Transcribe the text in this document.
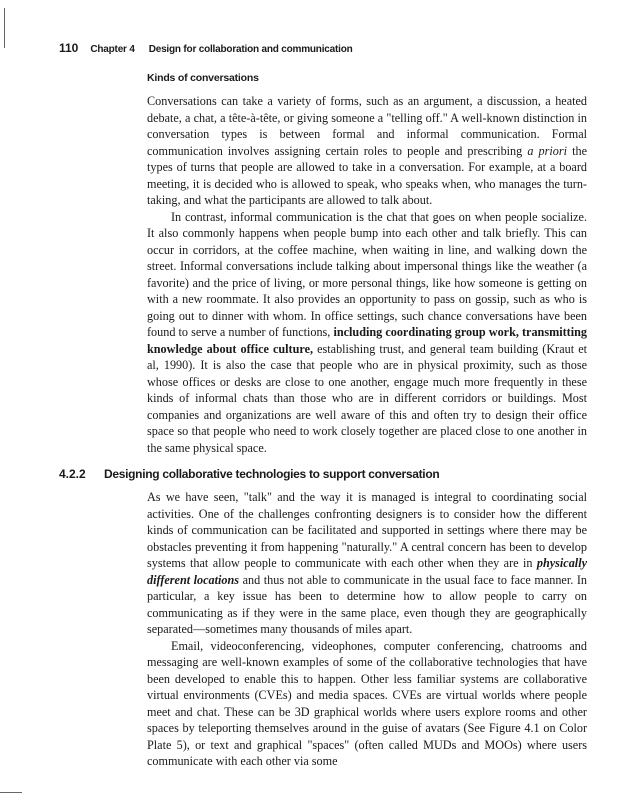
110 Chapter 4 Design for collaboration and communication
Kinds of conversations

Conversations can take a variety of forms, such as an argument, a discussion, a heated debate, a chat, a tête-à-tête, or giving someone a "telling off." A well-known distinction in conversation types is between formal and informal communication. Formal communication involves assigning certain roles to people and prescribing a priori the types of turns that people are allowed to take in a conversation. For example, at a board meeting, it is decided who is allowed to speak, who speaks when, who manages the turn-taking, and what the participants are allowed to talk about.

In contrast, informal communication is the chat that goes on when people socialize. It also commonly happens when people bump into each other and talk briefly. This can occur in corridors, at the coffee machine, when waiting in line, and walking down the street. Informal conversations include talking about impersonal things like the weather (a favorite) and the price of living, or more personal things, like how someone is getting on with a new roommate. It also provides an opportunity to pass on gossip, such as who is going out to dinner with whom. In office settings, such chance conversations have been found to serve a number of functions, including coordinating group work, transmitting knowledge about office culture, establishing trust, and general team building (Kraut et al, 1990). It is also the case that people who are in physical proximity, such as those whose offices or desks are close to one another, engage much more frequently in these kinds of informal chats than those who are in different corridors or buildings. Most companies and organizations are well aware of this and often try to design their office space so that people who need to work closely together are placed close to one another in the same physical space.

4.2.2 Designing collaborative technologies to support conversation

As we have seen, "talk" and the way it is managed is integral to coordinating social activities. One of the challenges confronting designers is to consider how the different kinds of communication can be facilitated and supported in settings where there may be obstacles preventing it from happening "naturally." A central concern has been to develop systems that allow people to communicate with each other when they are in physically different locations and thus not able to communicate in the usual face to face manner. In particular, a key issue has been to determine how to allow people to carry on communicating as if they were in the same place, even though they are geographically separated—sometimes many thousands of miles apart.

Email, videoconferencing, videophones, computer conferencing, chatrooms and messaging are well-known examples of some of the collaborative technologies that have been developed to enable this to happen. Other less familiar systems are collaborative virtual environments (CVEs) and media spaces. CVEs are virtual worlds where people meet and chat. These can be 3D graphical worlds where users explore rooms and other spaces by teleporting themselves around in the guise of avatars (See Figure 4.1 on Color Plate 5), or text and graphical "spaces" (often called MUDs and MOOs) where users communicate with each other via some
